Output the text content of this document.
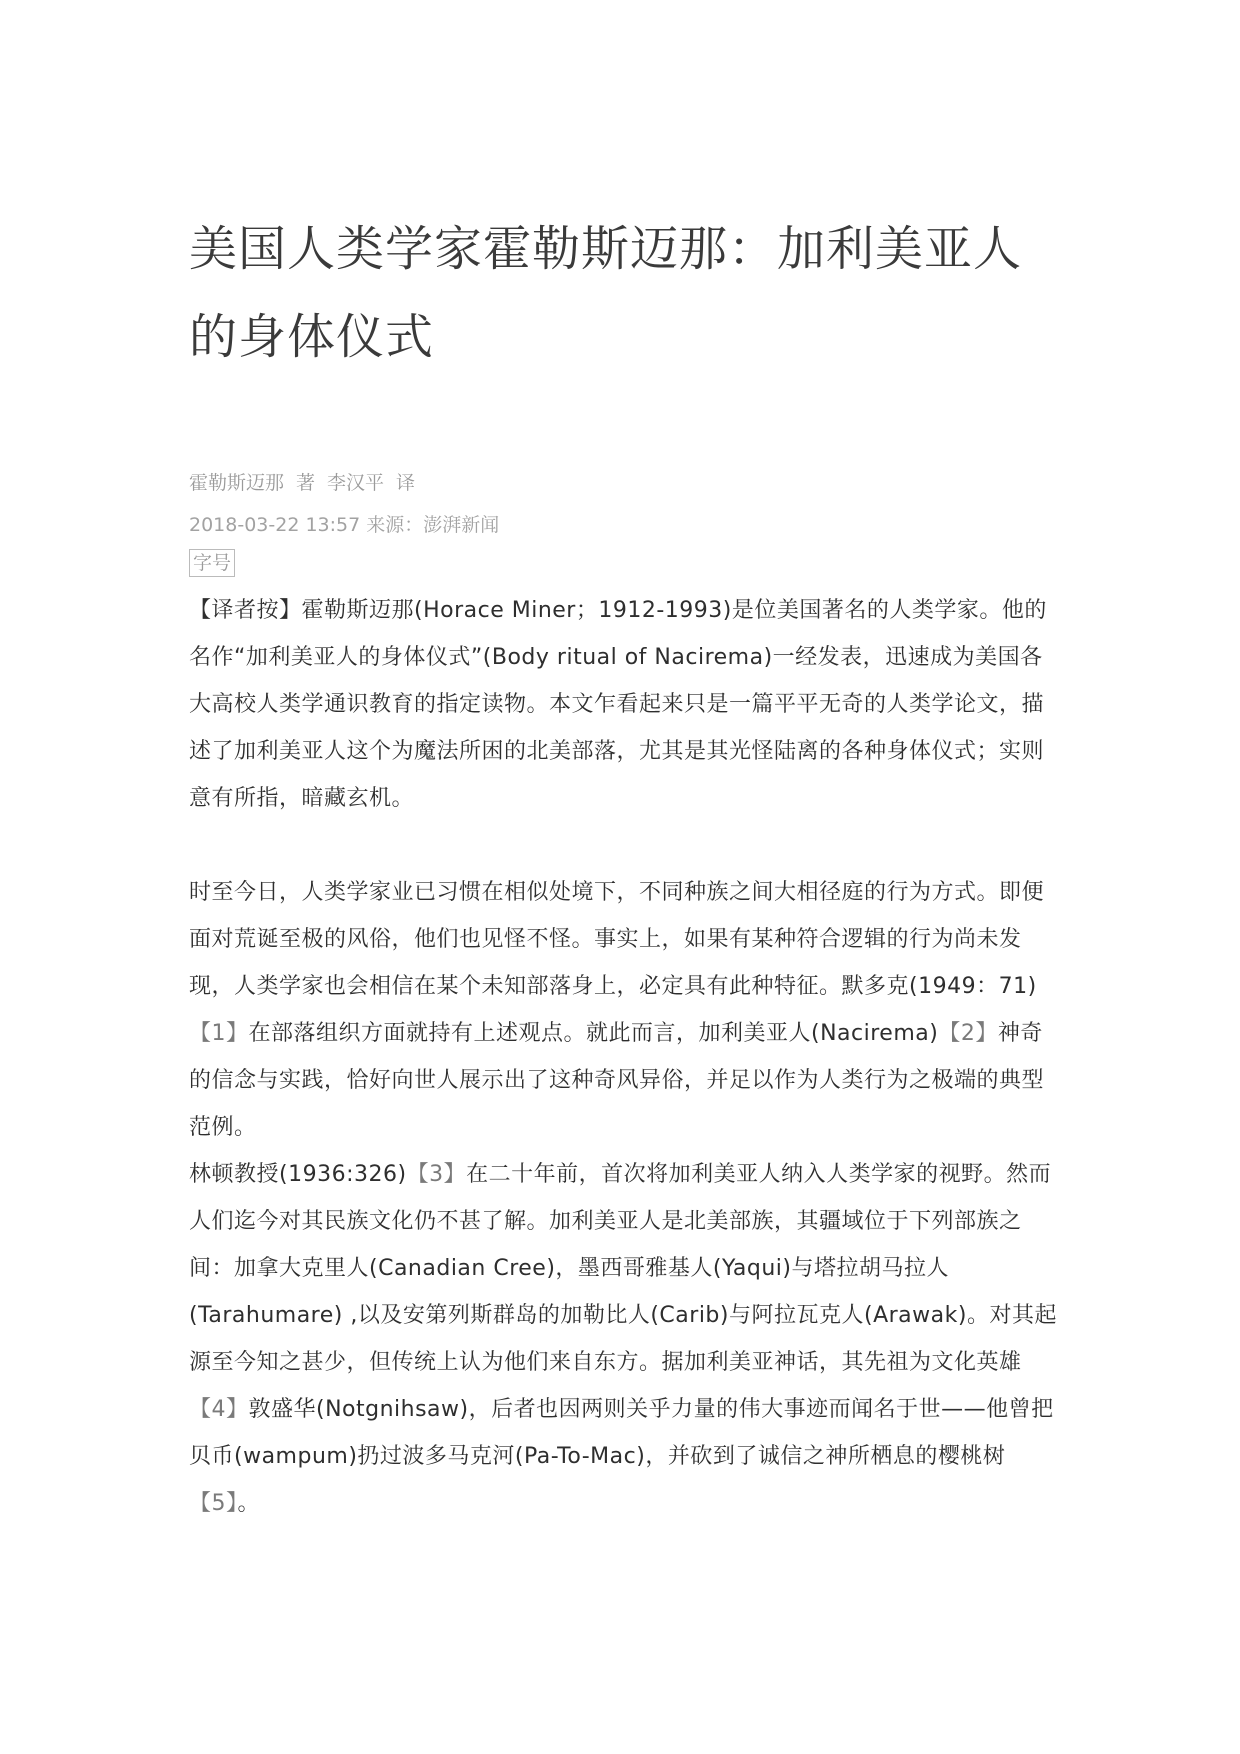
美国人类学家霍勒斯迈那：加利美亚人的身体仪式
霍勒斯迈那 著 李汉平 译
2018-03-22 13:57 来源：澎湃新闻
字号

【译者按】霍勒斯迈那(Horace Miner；1912-1993)是位美国著名的人类学家。他的名作“加利美亚人的身体仪式”(Body ritual of Nacirema)一经发表，迅速成为美国各大高校人类学通识教育的指定读物。本文乍看起来只是一篇平平无奇的人类学论文，描述了加利美亚人这个为魔法所困的北美部落，尤其是其光怪陆离的各种身体仪式；实则意有所指，暗藏玄机。

时至今日，人类学家业已习惯在相似处境下，不同种族之间大相径庭的行为方式。即便面对荒诞至极的风俗，他们也见怪不怪。事实上，如果有某种符合逻辑的行为尚未发现，人类学家也会相信在某个未知部落身上，必定具有此种特征。默多克(1949：71)【1】在部落组织方面就持有上述观点。就此而言，加利美亚人(Nacirema)【2】神奇的信念与实践，恰好向世人展示出了这种奇风异俗，并足以作为人类行为之极端的典型范例。

林顿教授(1936:326)【3】在二十年前，首次将加利美亚人纳入人类学家的视野。然而人们迄今对其民族文化仍不甚了解。加利美亚人是北美部族，其疆域位于下列部族之间：加拿大克里人(Canadian Cree)，墨西哥雅基人(Yaqui)与塔拉胡马拉人(Tarahumare) ,以及安第列斯群岛的加勒比人(Carib)与阿拉瓦克人(Arawak)。对其起源至今知之甚少，但传统上认为他们来自东方。据加利美亚神话，其先祖为文化英雄【4】敦盛华(Notgnihsaw)，后者也因两则关乎力量的伟大事迹而闻名于世——他曾把贝币(wampum)扔过波多马克河(Pa-To-Mac)，并砍到了诚信之神所栖息的樱桃树【5】。
